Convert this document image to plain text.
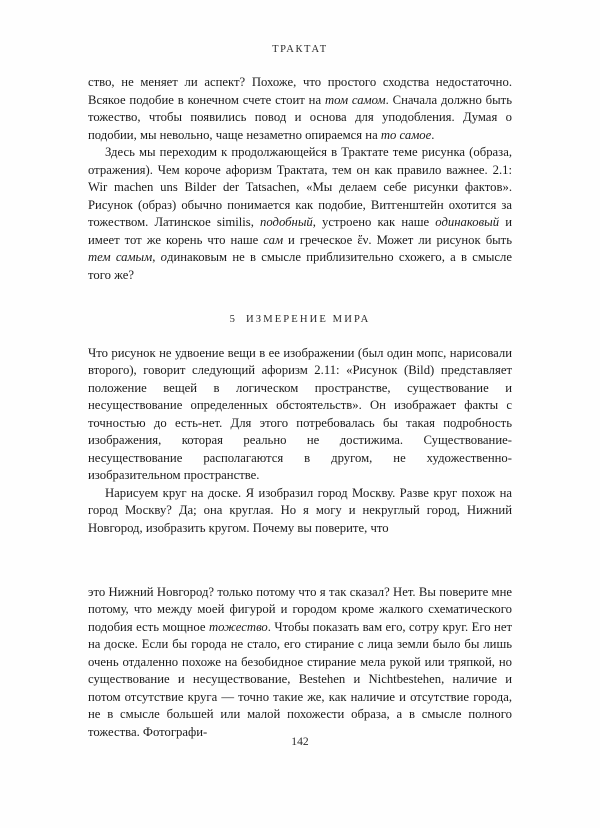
ТРАКТАТ

ство, не меняет ли аспект? Похоже, что простого сходства недостаточно. Всякое подобие в конечном счете стоит на том самом. Сначала должно быть тожество, чтобы появились повод и основа для уподобления. Думая о подобии, мы невольно, чаще незаметно опираемся на то самое.

Здесь мы переходим к продолжающейся в Трактате теме рисунка (образа, отражения). Чем короче афоризм Трактата, тем он как правило важнее. 2.1: Wir machen uns Bilder der Tatsachen, «Мы делаем себе рисунки фактов». Рисунок (образ) обычно понимается как подобие, Витгенштейн охотится за тожеством. Латинское similis, подобный, устроено как наше одинаковый и имеет тот же корень что наше сам и греческое ἕν. Может ли рисунок быть тем самым, одинаковым не в смысле приблизительно схожего, а в смысле того же?

5 ИЗМЕРЕНИЕ МИРА

Что рисунок не удвоение вещи в ее изображении (был один мопс, нарисовали второго), говорит следующий афоризм 2.11: «Рисунок (Bild) представляет положение вещей в логическом пространстве, существование и несуществование определенных обстоятельств». Он изображает факты с точностью до есть-нет. Для этого потребовалась бы такая подробность изображения, которая реально не достижима. Существование-несуществование располагаются в другом, не художественно-изобразительном пространстве.

Нарисуем круг на доске. Я изобразил город Москву. Разве круг похож на город Москву? Да; она круглая. Но я могу и некруглый город, Нижний Новгород, изобразить кругом. Почему вы поверите, что

это Нижний Новгород? только потому что я так сказал? Нет. Вы поверите мне потому, что между моей фигурой и городом кроме жалкого схематического подобия есть мощное тожество. Чтобы показать вам его, сотру круг. Его нет на доске. Если бы города не стало, его стирание с лица земли было бы лишь очень отдаленно похоже на безобидное стирание мела рукой или тряпкой, но существование и несуществование, Bestehen и Nichtbestehen, наличие и потом отсутствие круга — точно такие же, как наличие и отсутствие города, не в смысле большей или малой похожести образа, а в смысле полного тожества. Фотографи-

142
